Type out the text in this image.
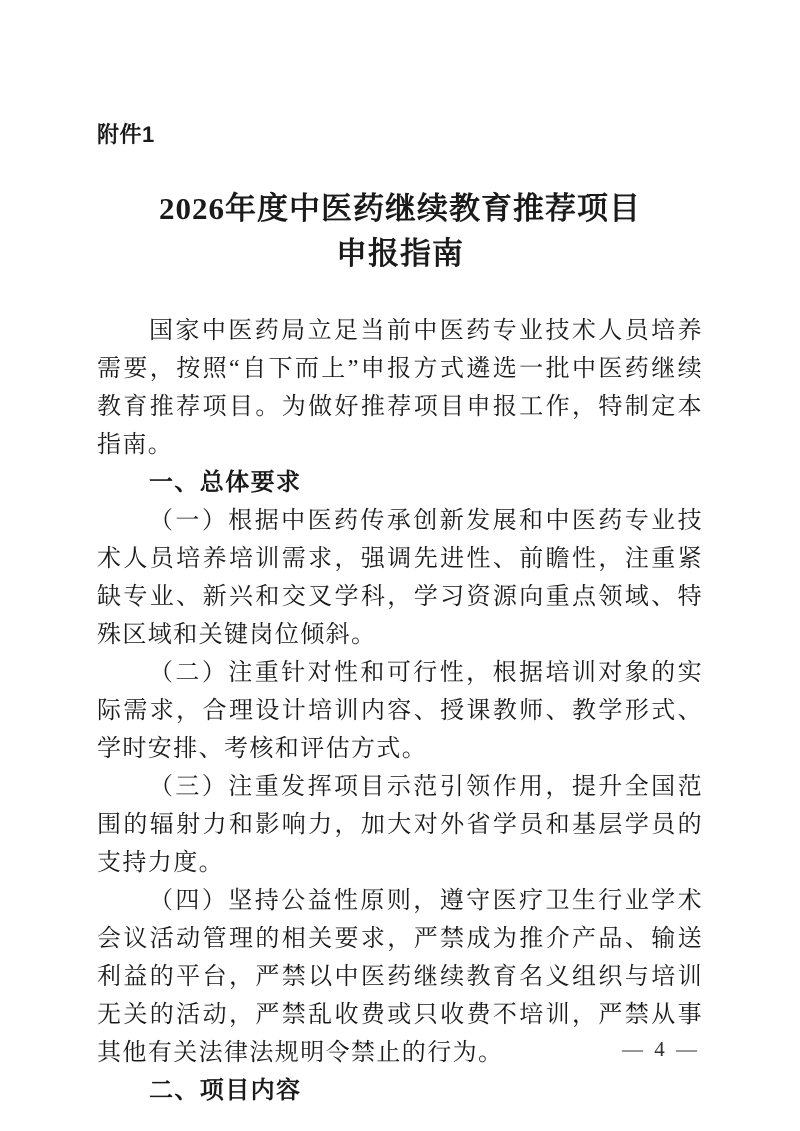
附件1
2026年度中医药继续教育推荐项目
申报指南

国家中医药局立足当前中医药专业技术人员培养需要，按照“自下而上”申报方式遴选一批中医药继续教育推荐项目。为做好推荐项目申报工作，特制定本指南。

一、总体要求

（一）根据中医药传承创新发展和中医药专业技术人员培养培训需求，强调先进性、前瞻性，注重紧缺专业、新兴和交叉学科，学习资源向重点领域、特殊区域和关键岗位倾斜。

（二）注重针对性和可行性，根据培训对象的实际需求，合理设计培训内容、授课教师、教学形式、学时安排、考核和评估方式。

（三）注重发挥项目示范引领作用，提升全国范围的辐射力和影响力，加大对外省学员和基层学员的支持力度。

（四）坚持公益性原则，遵守医疗卫生行业学术会议活动管理的相关要求，严禁成为推介产品、输送利益的平台，严禁以中医药继续教育名义组织与培训无关的活动，严禁乱收费或只收费不培训，严禁从事其他有关法律法规明令禁止的行为。

二、项目内容
— 4 —
